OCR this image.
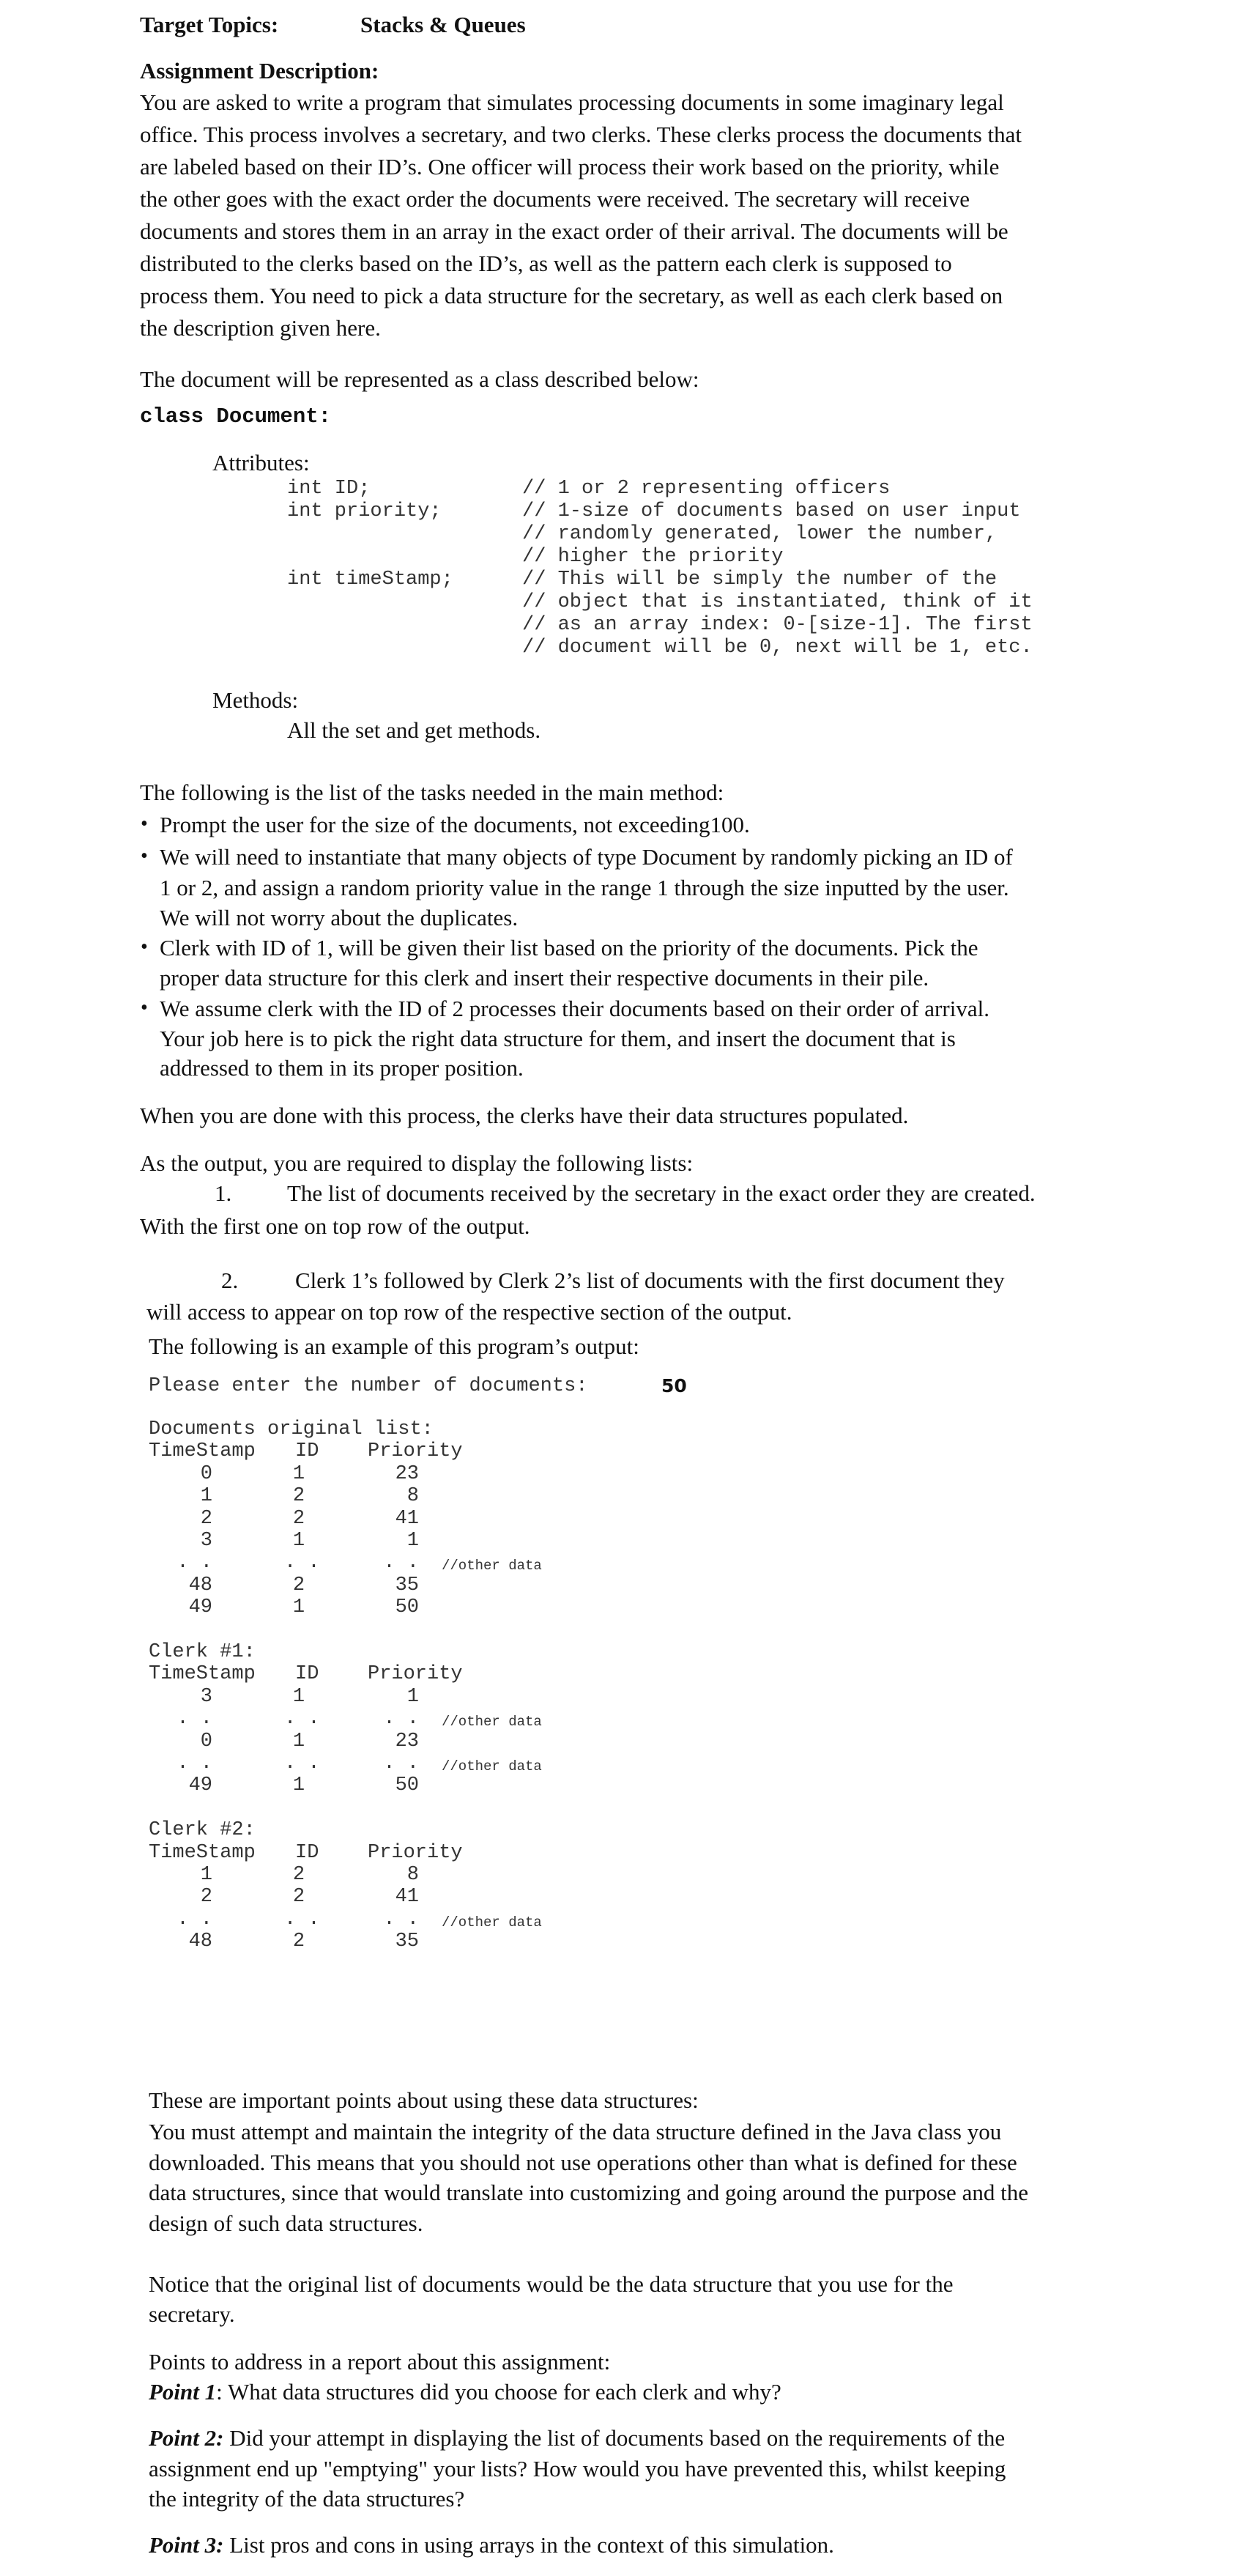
Target Topics:	Stacks & Queues
Assignment Description:
You are asked to write a program that simulates processing documents in some imaginary legal
office. This process involves a secretary, and two clerks. These clerks process the documents that
are labeled based on their ID’s. One officer will process their work based on the priority, while
the other goes with the exact order the documents were received. The secretary will receive
documents and stores them in an array in the exact order of their arrival. The documents will be
distributed to the clerks based on the ID’s, as well as the pattern each clerk is supposed to
process them. You need to pick a data structure for the secretary, as well as each clerk based on
the description given here.
The document will be represented as a class described below:
class Document:
Attributes:
int ID;	// 1 or 2 representing officers
int priority;	// 1-size of documents based on user input
// randomly generated, lower the number,
// higher the priority
int timeStamp;	// This will be simply the number of the
// object that is instantiated, think of it
// as an array index: 0-[size-1]. The first
// document will be 0, next will be 1, etc.
Methods:
All the set and get methods.
The following is the list of the tasks needed in the main method:
• Prompt the user for the size of the documents, not exceeding100.
• We will need to instantiate that many objects of type Document by randomly picking an ID of
1 or 2, and assign a random priority value in the range 1 through the size inputted by the user.
We will not worry about the duplicates.
• Clerk with ID of 1, will be given their list based on the priority of the documents. Pick the
proper data structure for this clerk and insert their respective documents in their pile.
• We assume clerk with the ID of 2 processes their documents based on their order of arrival.
Your job here is to pick the right data structure for them, and insert the document that is
addressed to them in its proper position.
When you are done with this process, the clerks have their data structures populated.
As the output, you are required to display the following lists:
1. The list of documents received by the secretary in the exact order they are created.
With the first one on top row of the output.
2.	Clerk 1’s followed by Clerk 2’s list of documents with the first document they
will access to appear on top row of the respective section of the output.
The following is an example of this program’s output:
Please enter the number of documents:	50
Documents original list:
TimeStamp ID Priority
0	1	23
1	2	8
2	2	41
3	1	1
. .	. .	. . //other data
48	2	35
49	1	50
Clerk #1:
TimeStamp ID Priority
3	1	1
. .	. .	. . //other data
0	1	23
. .	. .	. . //other data
49	1	50
Clerk #2:
TimeStamp ID Priority
1	2	8
2	2	41
. .	. .	. . //other data
48	2	35
These are important points about using these data structures:
You must attempt and maintain the integrity of the data structure defined in the Java class you
downloaded. This means that you should not use operations other than what is defined for these
data structures, since that would translate into customizing and going around the purpose and the
design of such data structures.
Notice that the original list of documents would be the data structure that you use for the
secretary.
Points to address in a report about this assignment:
Point 1: What data structures did you choose for each clerk and why?
Point 2: Did your attempt in displaying the list of documents based on the requirements of the
assignment end up "emptying" your lists? How would you have prevented this, whilst keeping
the integrity of the data structures?
Point 3: List pros and cons in using arrays in the context of this simulation.
